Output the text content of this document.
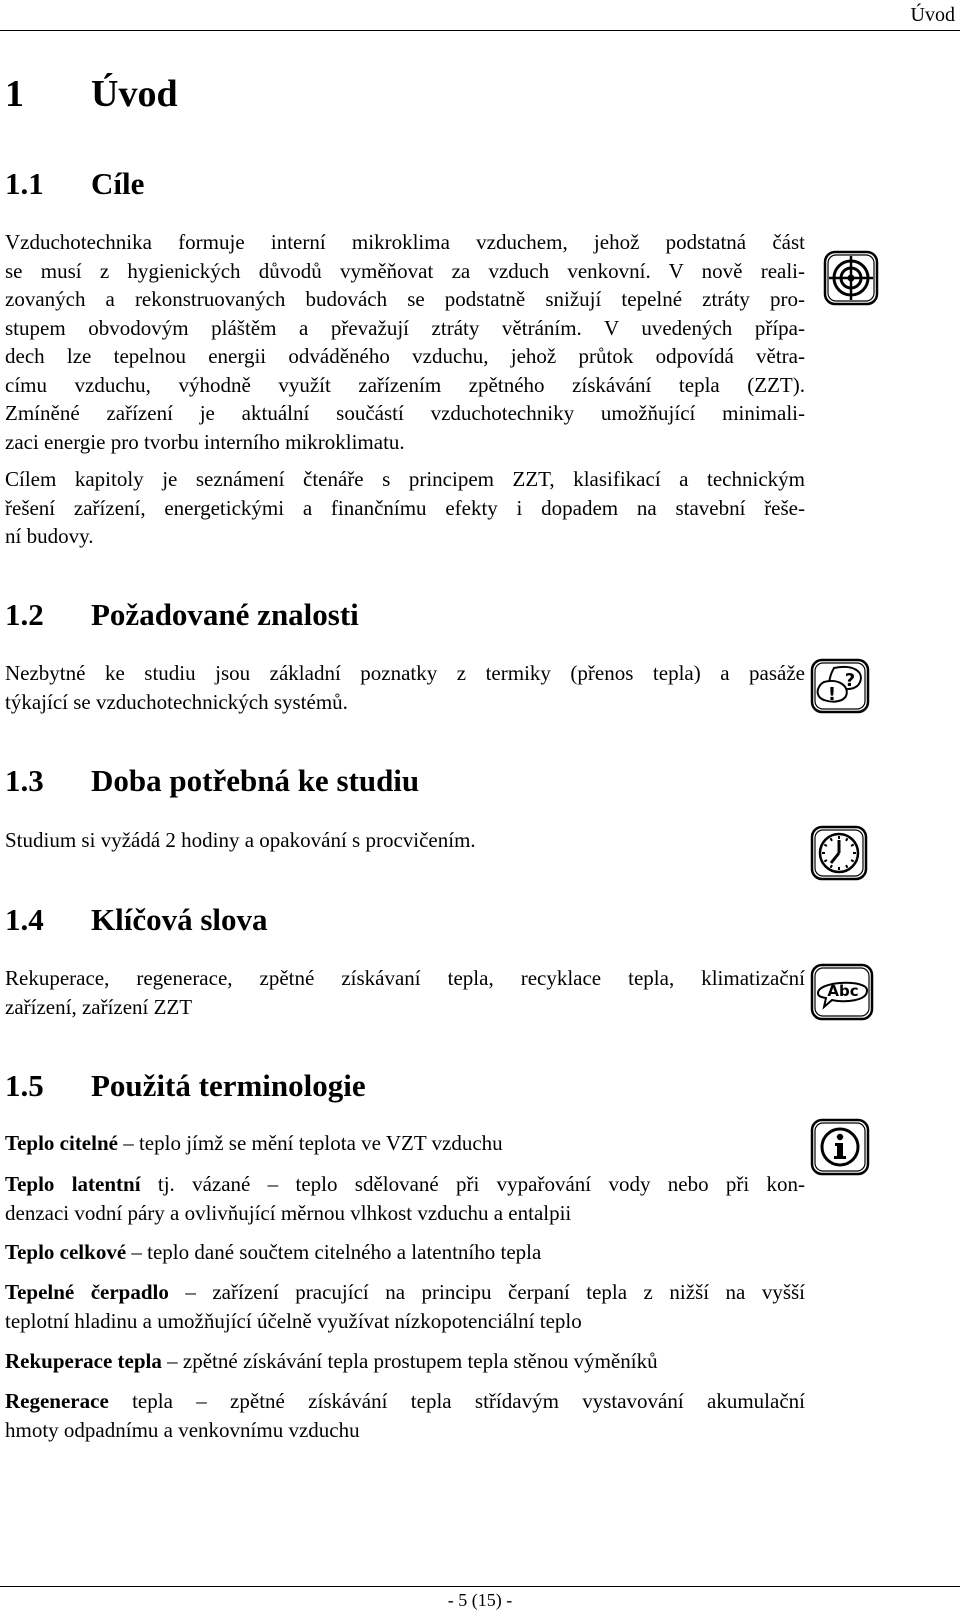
Úvod
1 Úvod
1.1 Cíle
Vzduchotechnika formuje interní mikroklima vzduchem, jehož podstatná část
se musí z hygienických důvodů vyměňovat za vzduch venkovní. V nově reali-
zovaných a rekonstruovaných budovách se podstatně snižují tepelné ztráty pro-
stupem obvodovým pláštěm a převažují ztráty větráním. V uvedených přípa-
dech lze tepelnou energii odváděného vzduchu, jehož průtok odpovídá větra-
címu vzduchu, výhodně využít zařízením zpětného získávání tepla (ZZT).
Zmíněné zařízení je aktuální součástí vzduchotechniky umožňující minimali-
zaci energie pro tvorbu interního mikroklimatu.
Cílem kapitoly je seznámení čtenáře s principem ZZT, klasifikací a technickým
řešení zařízení, energetickými a finančnímu efekty i dopadem na stavební řeše-
ní budovy.
1.2 Požadované znalosti
Nezbytné ke studiu jsou základní poznatky z termiky (přenos tepla) a pasáže
týkající se vzduchotechnických systémů.
?
!
1.3 Doba potřebná ke studiu
Studium si vyžádá 2 hodiny a opakování s procvičením.
1.4 Klíčová slova
Rekuperace, regenerace, zpětné získávaní tepla, recyklace tepla, klimatizační
zařízení, zařízení ZZT
Abc
1.5 Použitá terminologie
Teplo citelné – teplo jímž se mění teplota ve VZT vzduchu
Teplo latentní tj. vázané – teplo sdělované při vypařování vody nebo při kon-
denzaci vodní páry a ovlivňující měrnou vlhkost vzduchu a entalpii
Teplo celkové – teplo dané součtem citelného a latentního tepla
Tepelné čerpadlo – zařízení pracující na principu čerpaní tepla z nižší na vyšší
teplotní hladinu a umožňující účelně využívat nízkopotenciální teplo
Rekuperace tepla – zpětné získávání tepla prostupem tepla stěnou výměníků
Regenerace tepla – zpětné získávání tepla střídavým vystavování akumulační
hmoty odpadnímu a venkovnímu vzduchu
- 5 (15) -
